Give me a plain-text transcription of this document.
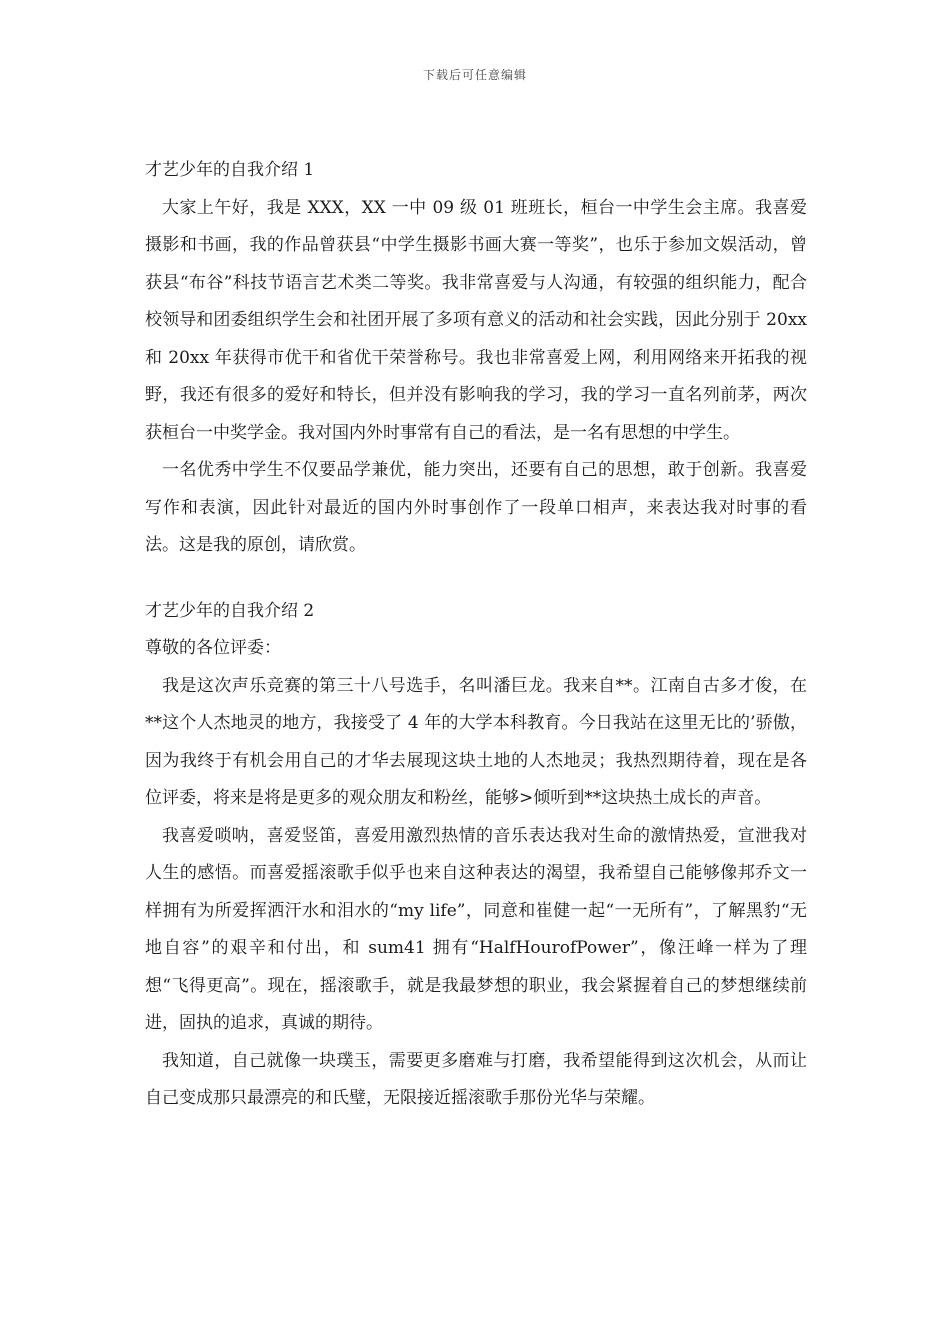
下载后可任意编辑

才艺少年的自我介绍 1

大家上午好，我是 XXX，XX 一中 09 级 01 班班长，桓台一中学生会主席。我喜爱摄影和书画，我的作品曾获县“中学生摄影书画大赛一等奖”，也乐于参加文娱活动，曾获县“布谷”科技节语言艺术类二等奖。我非常喜爱与人沟通，有较强的组织能力，配合校领导和团委组织学生会和社团开展了多项有意义的活动和社会实践，因此分别于 20xx 和 20xx 年获得市优干和省优干荣誉称号。我也非常喜爱上网，利用网络来开拓我的视野，我还有很多的爱好和特长，但并没有影响我的学习，我的学习一直名列前茅，两次获桓台一中奖学金。我对国内外时事常有自己的看法，是一名有思想的中学生。

一名优秀中学生不仅要品学兼优，能力突出，还要有自己的思想，敢于创新。我喜爱写作和表演，因此针对最近的国内外时事创作了一段单口相声，来表达我对时事的看法。这是我的原创，请欣赏。

才艺少年的自我介绍 2

尊敬的各位评委：

我是这次声乐竞赛的第三十八号选手，名叫潘巨龙。我来自**。江南自古多才俊，在**这个人杰地灵的地方，我接受了 4 年的大学本科教育。今日我站在这里无比的’骄傲，因为我终于有机会用自己的才华去展现这块土地的人杰地灵；我热烈期待着，现在是各位评委，将来是将是更多的观众朋友和粉丝，能够>倾听到**这块热土成长的声音。

我喜爱唢呐，喜爱竖笛，喜爱用激烈热情的音乐表达我对生命的激情热爱，宣泄我对人生的感悟。而喜爱摇滚歌手似乎也来自这种表达的渴望，我希望自己能够像邦乔文一样拥有为所爱挥洒汗水和泪水的“my life”，同意和崔健一起“一无所有”，了解黑豹“无地自容”的艰辛和付出，和 sum41 拥有“HalfHourofPower”，像汪峰一样为了理想“飞得更高”。现在，摇滚歌手，就是我最梦想的职业，我会紧握着自己的梦想继续前进，固执的追求，真诚的期待。

我知道，自己就像一块璞玉，需要更多磨难与打磨，我希望能得到这次机会，从而让自己变成那只最漂亮的和氏璧，无限接近摇滚歌手那份光华与荣耀。
